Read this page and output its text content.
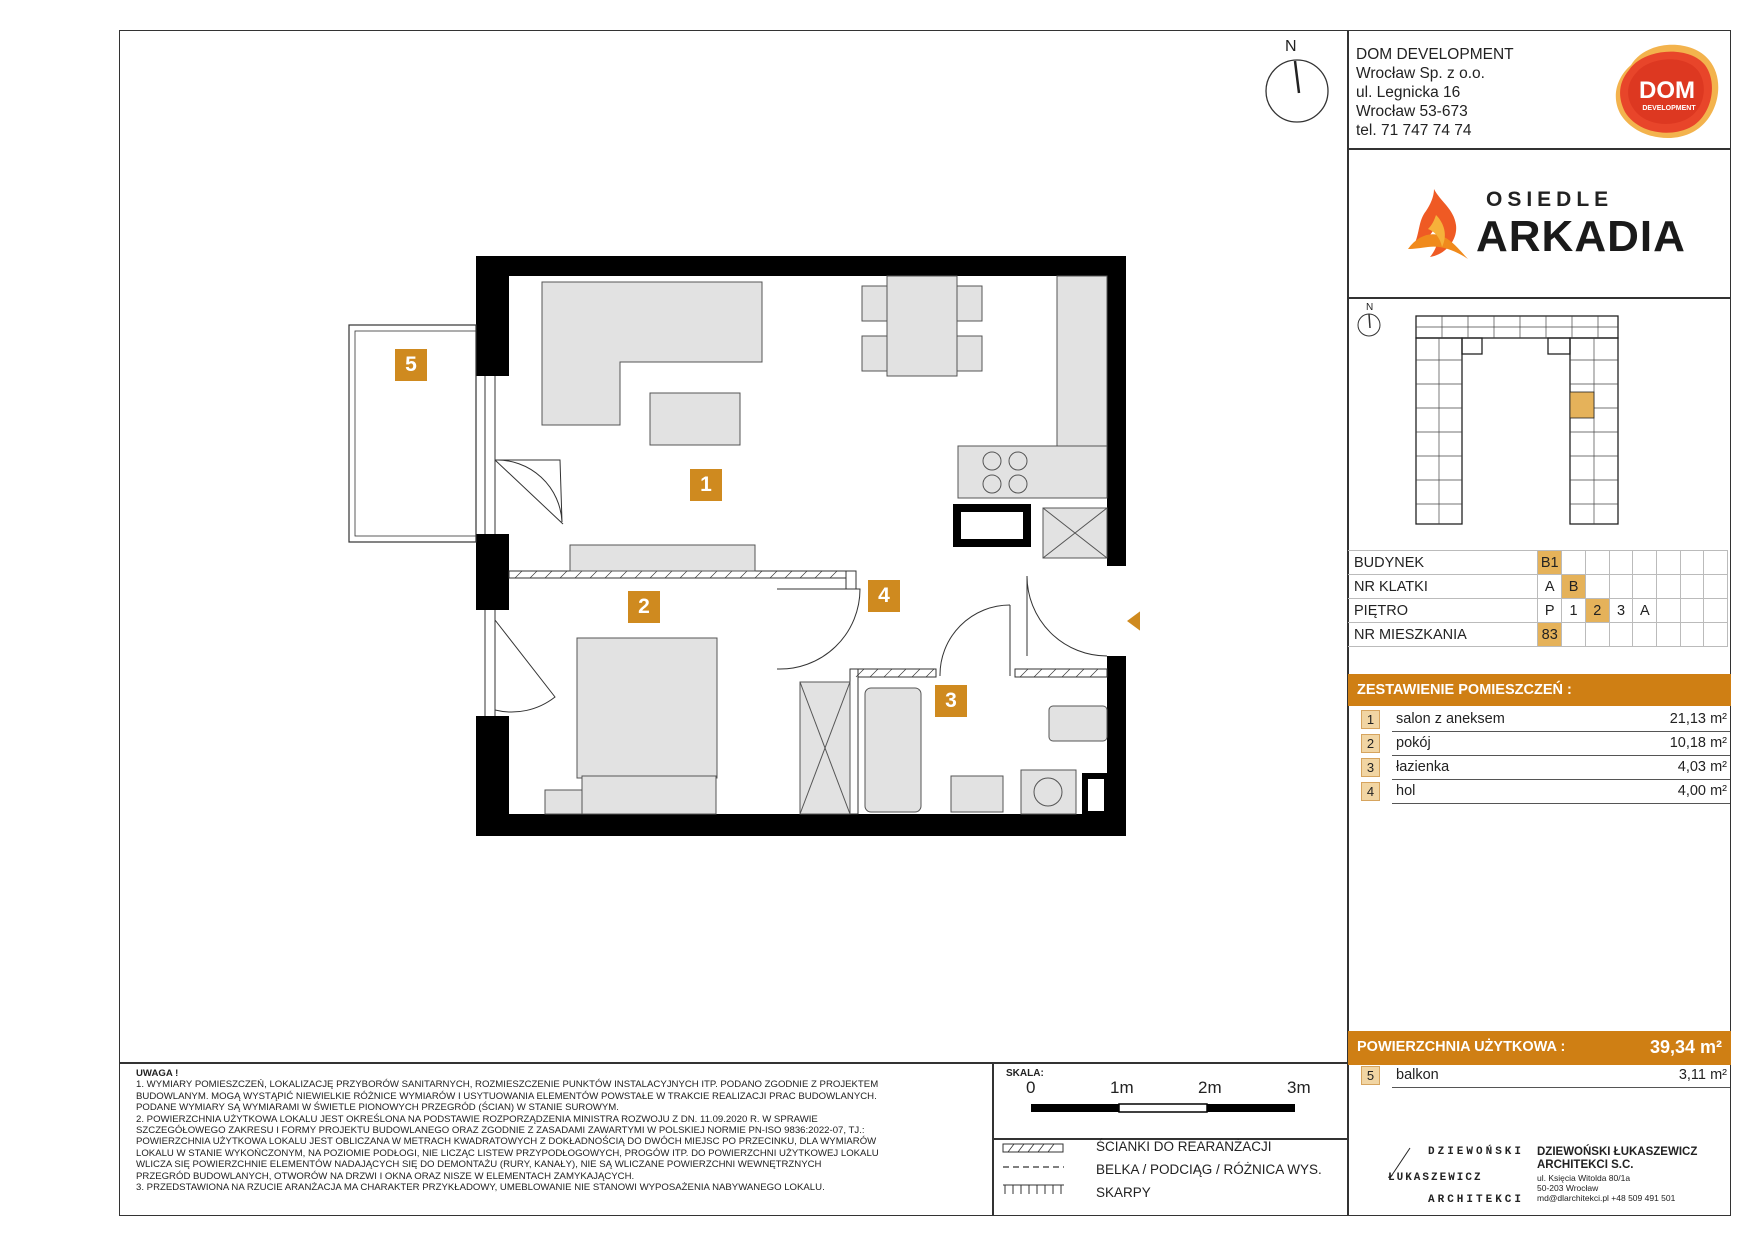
DOM DEVELOPMENT
Wrocław Sp. z o.o.
ul. Legnicka 16
Wrocław 53-673
tel. 71 747 74 74
DOM
DEVELOPMENT
OSIEDLE
ARKADIA
N
BUDYNEK	B1							
NR KLATKI	A	B						
PIĘTRO	P	1	2	3	A			
NR MIESZKANIA	83							
ZESTAWIENIE POMIESZCZEŃ :
1	salon z aneksem	21,13 m²
2	pokój	10,18 m²
3	łazienka	4,03 m²
4	hol	4,00 m²
POWIERZCHNIA UŻYTKOWA :	39,34 m²
5	balkon	3,11 m²
N
5
1
2	4
3
UWAGA !
1. WYMIARY POMIESZCZEŃ, LOKALIZACJĘ PRZYBORÓW SANITARNYCH, ROZMIESZCZENIE PUNKTÓW INSTALACYJNYCH ITP. PODANO ZGODNIE Z PROJEKTEM
BUDOWLANYM. MOGĄ WYSTĄPIĆ NIEWIELKIE RÓŻNICE WYMIARÓW I USYTUOWANIA ELEMENTÓW POWSTAŁE W TRAKCIE REALIZACJI PRAC BUDOWLANYCH.
PODANE WYMIARY SĄ WYMIARAMI W ŚWIETLE PIONOWYCH PRZEGRÓD (ŚCIAN) W STANIE SUROWYM.
2. POWIERZCHNIA UŻYTKOWA LOKALU JEST OKREŚLONA NA PODSTAWIE ROZPORZĄDZENIA MINISTRA ROZWOJU Z DN. 11.09.2020 R. W SPRAWIE
SZCZEGÓŁOWEGO ZAKRESU I FORMY PROJEKTU BUDOWLANEGO ORAZ ZGODNIE Z ZASADAMI ZAWARTYMI W POLSKIEJ NORMIE PN-ISO 9836:2022-07, TJ.:
POWIERZCHNIA UŻYTKOWA LOKALU JEST OBLICZANA W METRACH KWADRATOWYCH Z DOKŁADNOŚCIĄ DO DWÓCH MIEJSC PO PRZECINKU, DLA WYMIARÓW
LOKALU W STANIE WYKOŃCZONYM, NA POZIOMIE PODŁOGI, NIE LICZĄC LISTEW PRZYPODŁOGOWYCH, PROGÓW ITP. DO POWIERZCHNI UŻYTKOWEJ LOKALU
WLICZA SIĘ POWIERZCHNIE ELEMENTÓW NADAJĄCYCH SIĘ DO DEMONTAŻU (RURY, KANAŁY), NIE SĄ WLICZANE POWIERZCHNI WEWNĘTRZNYCH
PRZEGRÓD BUDOWLANYCH, OTWORÓW NA DRZWI I OKNA ORAZ NISZE W ELEMENTACH ZAMYKAJĄCYCH.
3. PRZEDSTAWIONA NA RZUCIE ARANŻACJA MA CHARAKTER PRZYKŁADOWY, UMEBLOWANIE NIE STANOWI WYPOSAŻENIA NABYWANEGO LOKALU.
SKALA:
0	1m	2m	3m
ŚCIANKI DO REARANŻACJI
BELKA / PODCIĄG / RÓŻNICA WYS.
SKARPY
DZIEWOŃSKI
ŁUKASZEWICZ
ARCHITEKCI
DZIEWOŃSKI ŁUKASZEWICZ
ARCHITEKCI S.C.
ul. Księcia Witolda 80/1a
50-203 Wrocław
md@dlarchitekci.pl +48 509 491 501
